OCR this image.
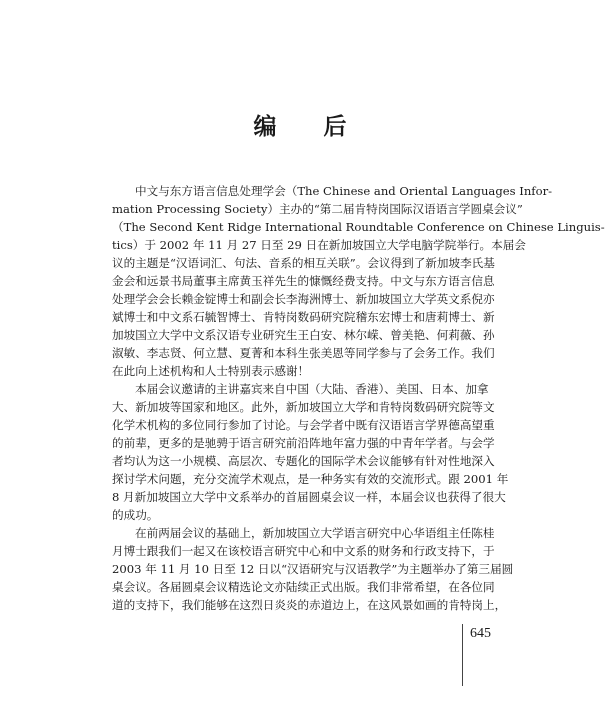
编 后
中文与东方语言信息处理学会（The Chinese and Oriental Languages Infor-
mation Processing Society）主办的“第二届肯特岗国际汉语语言学圆桌会议”
（The Second Kent Ridge International Roundtable Conference on Chinese Linguis-
tics）于 2002 年 11 月 27 日至 29 日在新加坡国立大学电脑学院举行。本届会
议的主题是“汉语词汇、句法、音系的相互关联”。会议得到了新加坡李氏基
金会和远景书局董事主席黄玉祥先生的慷慨经费支持。中文与东方语言信息
处理学会会长赖金锭博士和副会长李海洲博士、新加坡国立大学英文系倪亦
斌博士和中文系石毓智博士、肯特岗数码研究院稽东宏博士和唐莉博士、新
加坡国立大学中文系汉语专业研究生王白安、林尔嵘、曾美艳、何莉薇、孙
淑敏、李志贤、何立慧、夏菁和本科生张美恩等同学参与了会务工作。我们
在此向上述机构和人士特别表示感谢！
本届会议邀请的主讲嘉宾来自中国（大陆、香港）、美国、日本、加拿
大、新加坡等国家和地区。此外，新加坡国立大学和肯特岗数码研究院等文
化学术机构的多位同行参加了讨论。与会学者中既有汉语语言学界德高望重
的前辈，更多的是驰骋于语言研究前沿阵地年富力强的中青年学者。与会学
者均认为这一小规模、高层次、专题化的国际学术会议能够有针对性地深入
探讨学术问题，充分交流学术观点，是一种务实有效的交流形式。跟 2001 年
8 月新加坡国立大学中文系举办的首届圆桌会议一样，本届会议也获得了很大
的成功。
在前两届会议的基础上，新加坡国立大学语言研究中心华语组主任陈桂
月博士跟我们一起又在该校语言研究中心和中文系的财务和行政支持下，于
2003 年 11 月 10 日至 12 日以“汉语研究与汉语教学”为主题举办了第三届圆
桌会议。各届圆桌会议精选论文亦陆续正式出版。我们非常希望，在各位同
道的支持下，我们能够在这烈日炎炎的赤道边上，在这风景如画的肯特岗上，
645
